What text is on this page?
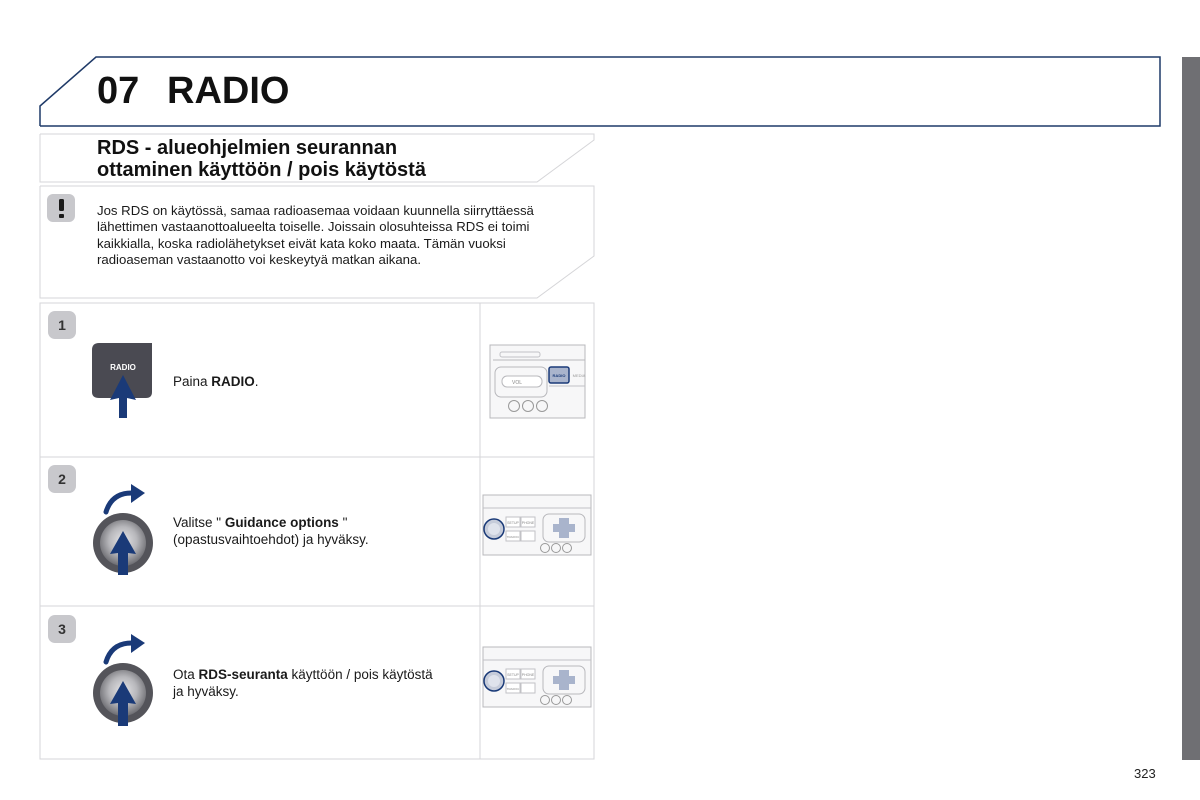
07 RADIO
RDS - alueohjelmien seurannan
ottaminen käyttöön / pois käytöstä
Jos RDS on käytössä, samaa radioasemaa voidaan kuunnella siirryttäessä lähettimen vastaanottoalueelta toiselle. Joissain olosuhteissa RDS ei toimi kaikkialla, koska radiolähetykset eivät kata koko maata. Tämän vuoksi radioaseman vastaanotto voi keskeytyä matkan aikana.
1
2
3
RADIO
VOL
RADIO MEDIA
SETUP PHONE
TRAFFIC
SETUP PHONE
TRAFFIC
Paina RADIO.
Valitse " Guidance options " (opastusvaihtoehdot) ja hyväksy.
Ota RDS-seuranta käyttöön / pois käytöstä ja hyväksy.
323
